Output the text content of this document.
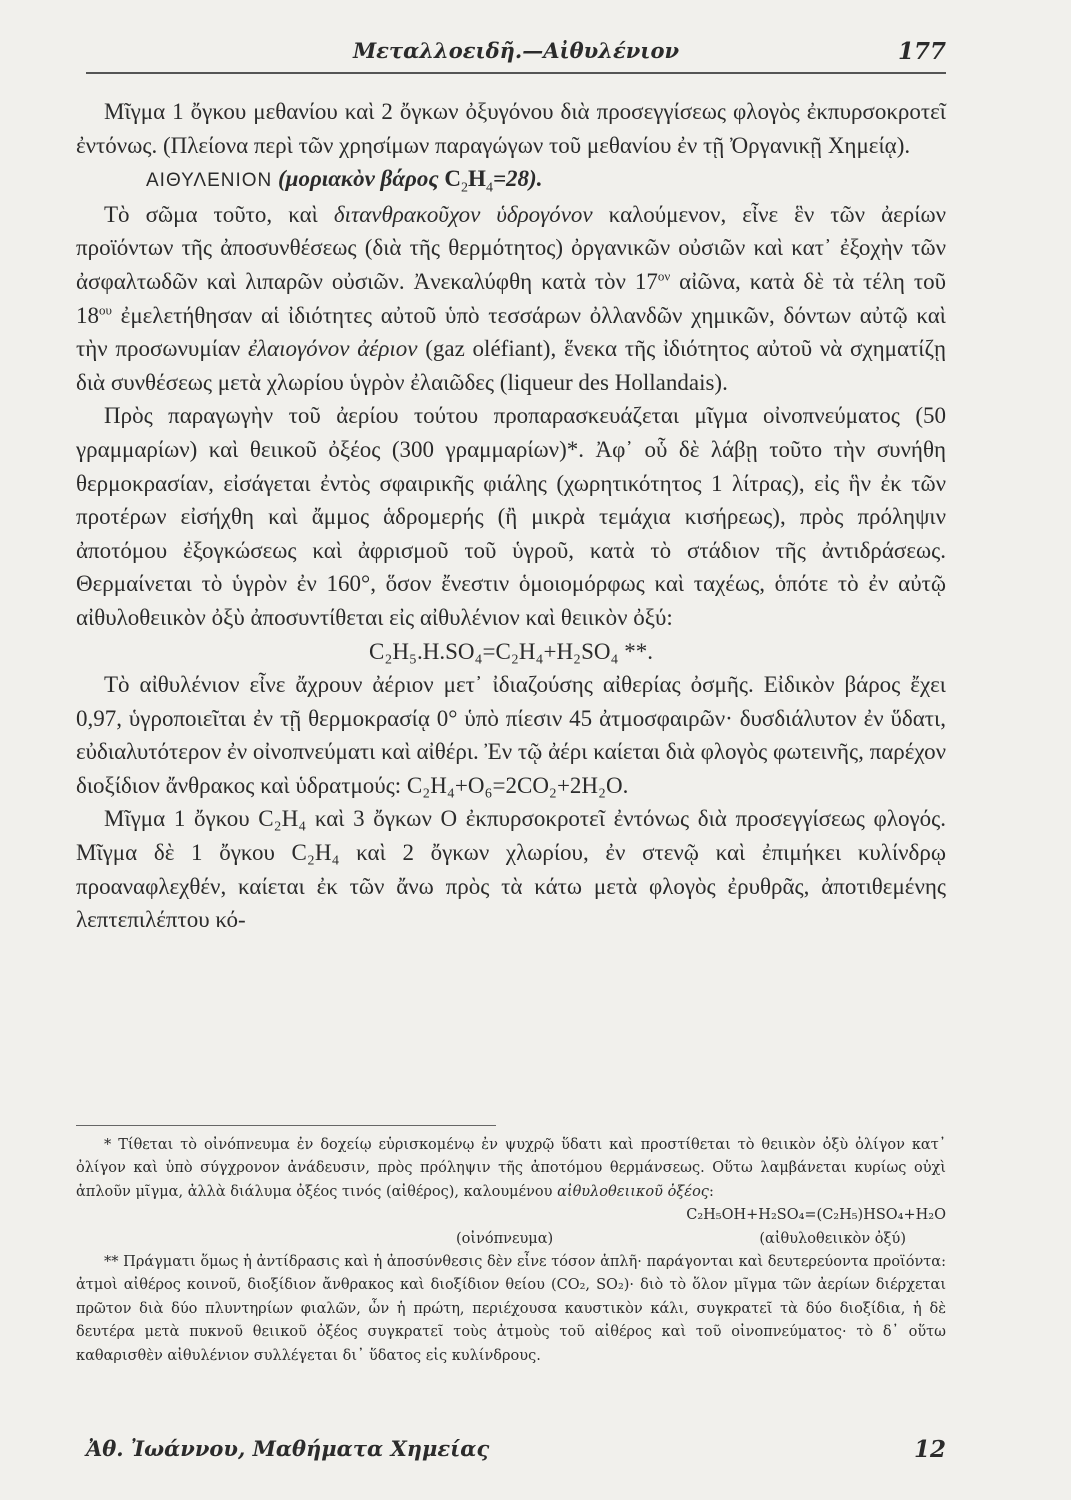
Μεταλλοειδῆ.—Αἰθυλένιον	177

Μῖγμα 1 ὄγκου μεθανίου καὶ 2 ὄγκων ὀξυγόνου διὰ προσεγγίσεως φλογὸς ἐκπυρσοκροτεῖ ἐντόνως. (Πλείονα περὶ τῶν χρησίμων παραγώγων τοῦ μεθανίου ἐν τῇ Ὀργανικῇ Χημείᾳ).

ΑΙΘΥΛΕΝΙΟΝ (μοριακὸν βάρος $C_2H_4=28$).

Τὸ σῶμα τοῦτο, καὶ διτανθρακοῦχον ὑδρογόνον καλούμενον, εἶνε ἓν τῶν ἀερίων προϊόντων τῆς ἀποσυνθέσεως (διὰ τῆς θερμότητος) ὀργανικῶν οὐσιῶν καὶ κατ᾽ ἐξοχὴν τῶν ἀσφαλτωδῶν καὶ λιπαρῶν οὐσιῶν. Ἀνεκαλύφθη κατὰ τὸν $17^{o\nu}$ αἰῶνα, κατὰ δὲ τὰ τέλη τοῦ $18^{o\upsilon}$ ἐμελετήθησαν αἱ ἰδιότητες αὐτοῦ ὑπὸ τεσσάρων ὀλλανδῶν χημικῶν, δόντων αὐτῷ καὶ τὴν προσωνυμίαν ἐλαιογόνον ἀέριον (gaz oléfiant), ἕνεκα τῆς ἰδιότητος αὐτοῦ νὰ σχηματίζῃ διὰ συνθέσεως μετὰ χλωρίου ὑγρὸν ἐλαιῶδες (liqueur des Hollandais).

Πρὸς παραγωγὴν τοῦ ἀερίου τούτου προπαρασκευάζεται μῖγμα οἰνοπνεύματος (50 γραμμαρίων) καὶ θειικοῦ ὀξέος (300 γραμμαρίων)*. Ἀφ᾽ οὗ δὲ λάβῃ τοῦτο τὴν συνήθη θερμοκρασίαν, εἰσάγεται ἐντὸς σφαιρικῆς φιάλης (χωρητικότητος 1 λίτρας), εἰς ἣν ἐκ τῶν προτέρων εἰσήχθη καὶ ἄμμος ἁδρομερής (ἢ μικρὰ τεμάχια κισήρεως), πρὸς πρόληψιν ἀποτόμου ἐξογκώσεως καὶ ἀφρισμοῦ τοῦ ὑγροῦ, κατὰ τὸ στάδιον τῆς ἀντιδράσεως. Θερμαίνεται τὸ ὑγρὸν ἐν 160°, ὅσον ἔνεστιν ὁμοιομόρφως καὶ ταχέως, ὁπότε τὸ ἐν αὐτῷ αἰθυλοθειικὸν ὀξὺ ἀποσυντίθεται εἰς αἰθυλένιον καὶ θειικὸν ὀξύ:

C₂H₅.H.SO₄=C₂H₄+H₂SO₄ **.

Τὸ αἰθυλένιον εἶνε ἄχρουν ἀέριον μετ᾽ ἰδιαζούσης αἰθερίας ὀσμῆς. Εἰδικὸν βάρος ἔχει 0,97, ὑγροποιεῖται ἐν τῇ θερμοκρασίᾳ 0° ὑπὸ πίεσιν 45 ἀτμοσφαιρῶν· δυσδιάλυτον ἐν ὕδατι, εὐδιαλυτότερον ἐν οἰνοπνεύματι καὶ αἰθέρι. Ἐν τῷ ἀέρι καίεται διὰ φλογὸς φωτεινῆς, παρέχον διοξίδιον ἄνθρακος καὶ ὑδρατμούς: C₂H₄+O₆=2CO₂+2H₂O.

Μῖγμα 1 ὄγκου C₂H₄ καὶ 3 ὄγκων O ἐκπυρσοκροτεῖ ἐντόνως διὰ προσεγγίσεως φλογός. Μῖγμα δὲ 1 ὄγκου C₂H₄ καὶ 2 ὄγκων χλωρίου, ἐν στενῷ καὶ ἐπιμήκει κυλίνδρῳ προαναφλεχθέν, καίεται ἐκ τῶν ἄνω πρὸς τὰ κάτω μετὰ φλογὸς ἐρυθρᾶς, ἀποτιθεμένης λεπτεπιλέπτου κό-

* Τίθεται τὸ οἰνόπνευμα ἐν δοχείῳ εὑρισκομένῳ ἐν ψυχρῷ ὕδατι καὶ προστίθεται τὸ θειικὸν ὀξὺ ὀλίγον κατ᾽ ὀλίγον καὶ ὑπὸ σύγχρονον ἀνάδευσιν, πρὸς πρόληψιν τῆς ἀποτόμου θερμάνσεως. Οὕτω λαμβάνεται κυρίως οὐχὶ ἁπλοῦν μῖγμα, ἀλλὰ διάλυμα ὀξέος τινός (αἰθέρος), καλουμένου αἰθυλοθειικοῦ ὀξέος:

C₂H₅OH+H₂SO₄=(C₂H₅)HSO₄+H₂O

(οἰνόπνευμα)	(αἰθυλοθειικὸν ὀξύ)

** Πράγματι ὅμως ἡ ἀντίδρασις καὶ ἡ ἀποσύνθεσις δὲν εἶνε τόσον ἁπλῆ· παράγονται καὶ δευτερεύοντα προϊόντα: ἀτμοὶ αἰθέρος κοινοῦ, διοξίδιον ἄνθρακος καὶ διοξίδιον θείου (CO₂, SO₂)· διὸ τὸ ὅλον μῖγμα τῶν ἀερίων διέρχεται πρῶτον διὰ δύο πλυντηρίων φιαλῶν, ὧν ἡ πρώτη, περιέχουσα καυστικὸν κάλι, συγκρατεῖ τὰ δύο διοξίδια, ἡ δὲ δευτέρα μετὰ πυκνοῦ θειικοῦ ὀξέος συγκρατεῖ τοὺς ἀτμοὺς τοῦ αἰθέρος καὶ τοῦ οἰνοπνεύματος· τὸ δ᾽ οὕτω καθαρισθὲν αἰθυλένιον συλλέγεται δι᾽ ὕδατος εἰς κυλίνδρους.

Ἀθ. Ἰωάννου, Μαθήματα Χημείας	12
